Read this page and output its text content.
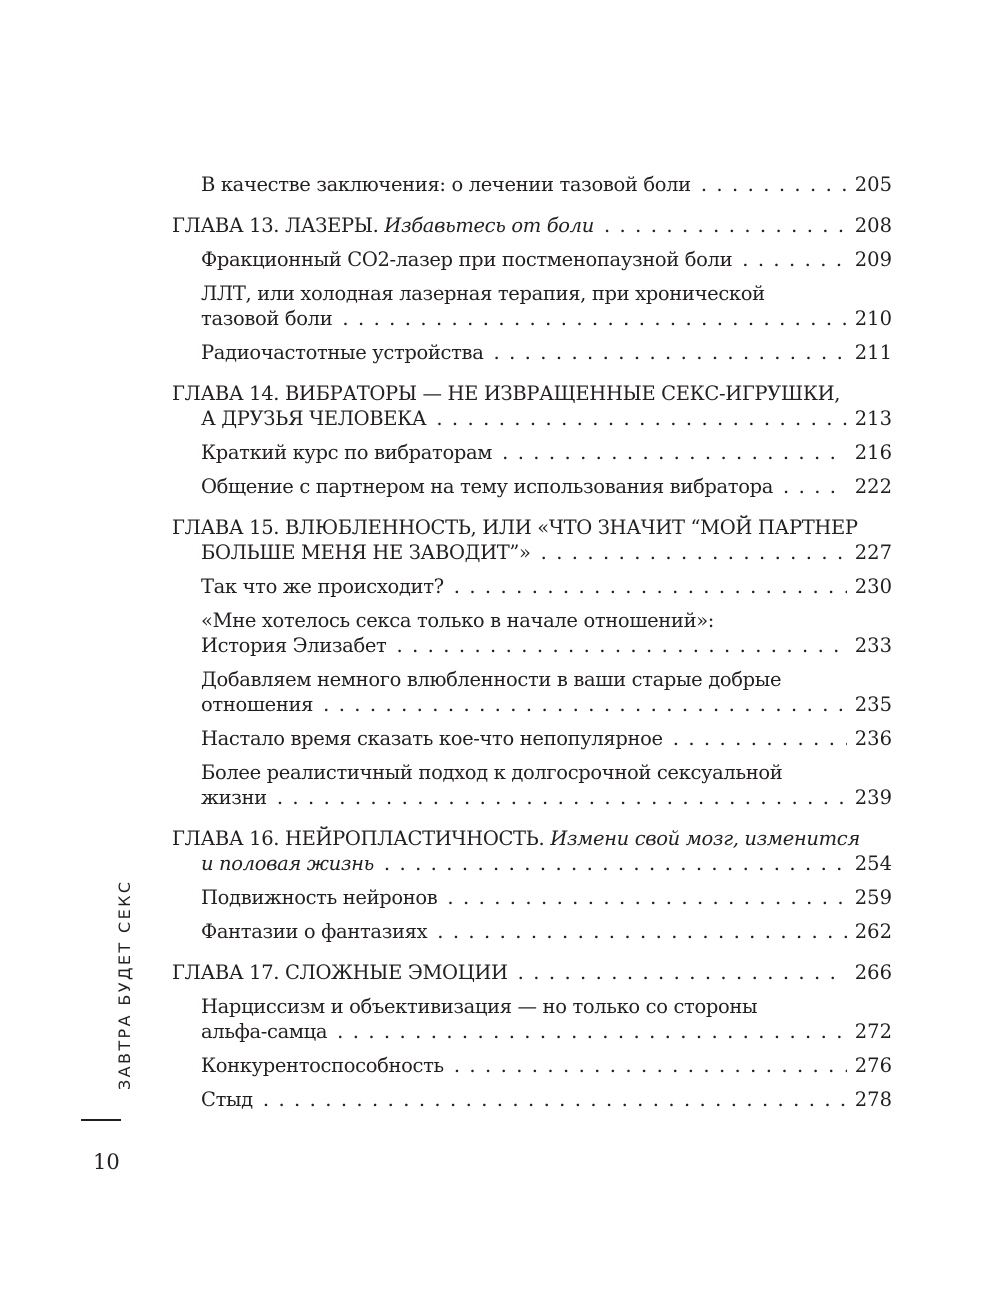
В качестве заключения: о лечении тазовой боли . . .	205
ГЛАВА 13. ЛАЗЕРЫ. Избавьтесь от боли . . .	208
Фракционный СО2-лазер при постменопаузной боли . . .	209
ЛЛТ, или холодная лазерная терапия, при хронической
тазовой боли . . .	210
Радиочастотные устройства . . .	211
ГЛАВА 14. ВИБРАТОРЫ — НЕ ИЗВРАЩЕННЫЕ СЕКС-ИГРУШКИ,
А ДРУЗЬЯ ЧЕЛОВЕКА . . .	213
Краткий курс по вибраторам . . .	216
Общение с партнером на тему использования вибратора . . .	222
ГЛАВА 15. ВЛЮБЛЕННОСТЬ, ИЛИ «ЧТО ЗНАЧИТ “МОЙ ПАРТНЕР
БОЛЬШЕ МЕНЯ НЕ ЗАВОДИТ”» . . .	227
Так что же происходит? . . .	230
«Мне хотелось секса только в начале отношений»:
История Элизабет . . .	233
Добавляем немного влюбленности в ваши старые добрые
отношения . . .	235
Настало время сказать кое-что непопулярное . . .	236
Более реалистичный подход к долгосрочной сексуальной
жизни . . .	239
ГЛАВА 16. НЕЙРОПЛАСТИЧНОСТЬ. Измени свой мозг, изменится
и половая жизнь . . .	254
Подвижность нейронов . . .	259
Фантазии о фантазиях . . .	262
ГЛАВА 17. СЛОЖНЫЕ ЭМОЦИИ . . .	266
Нарциссизм и объективизация — но только со стороны
альфа-самца . . .	272
Конкурентоспособность . . .	276
Стыд . . .	278
ЗАВТРА БУДЕТ СЕКС
10
